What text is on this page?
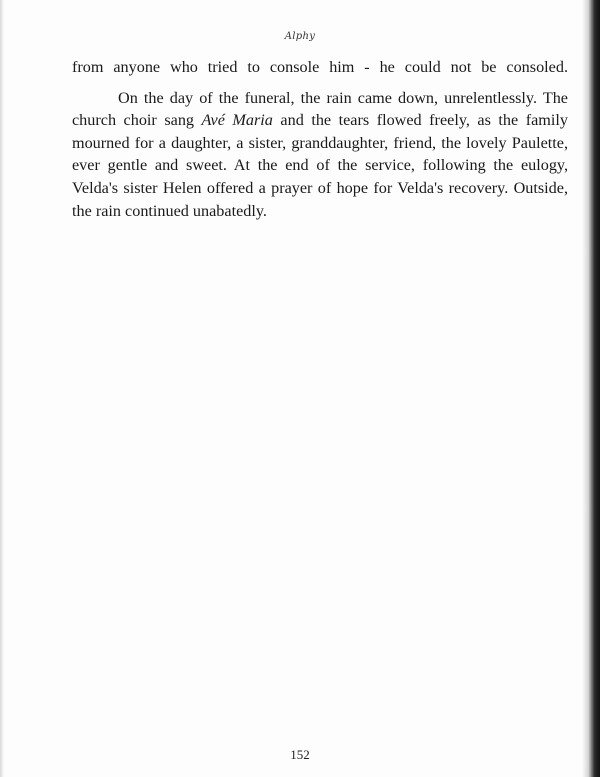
Alphy

from anyone who tried to console him - he could not be consoled.

On the day of the funeral, the rain came down, unrelentlessly. The church choir sang Avé Maria and the tears flowed freely, as the family mourned for a daughter, a sister, granddaughter, friend, the lovely Paulette, ever gentle and sweet. At the end of the service, following the eulogy, Velda's sister Helen offered a prayer of hope for Velda's recovery. Outside, the rain continued unabatedly.

152
